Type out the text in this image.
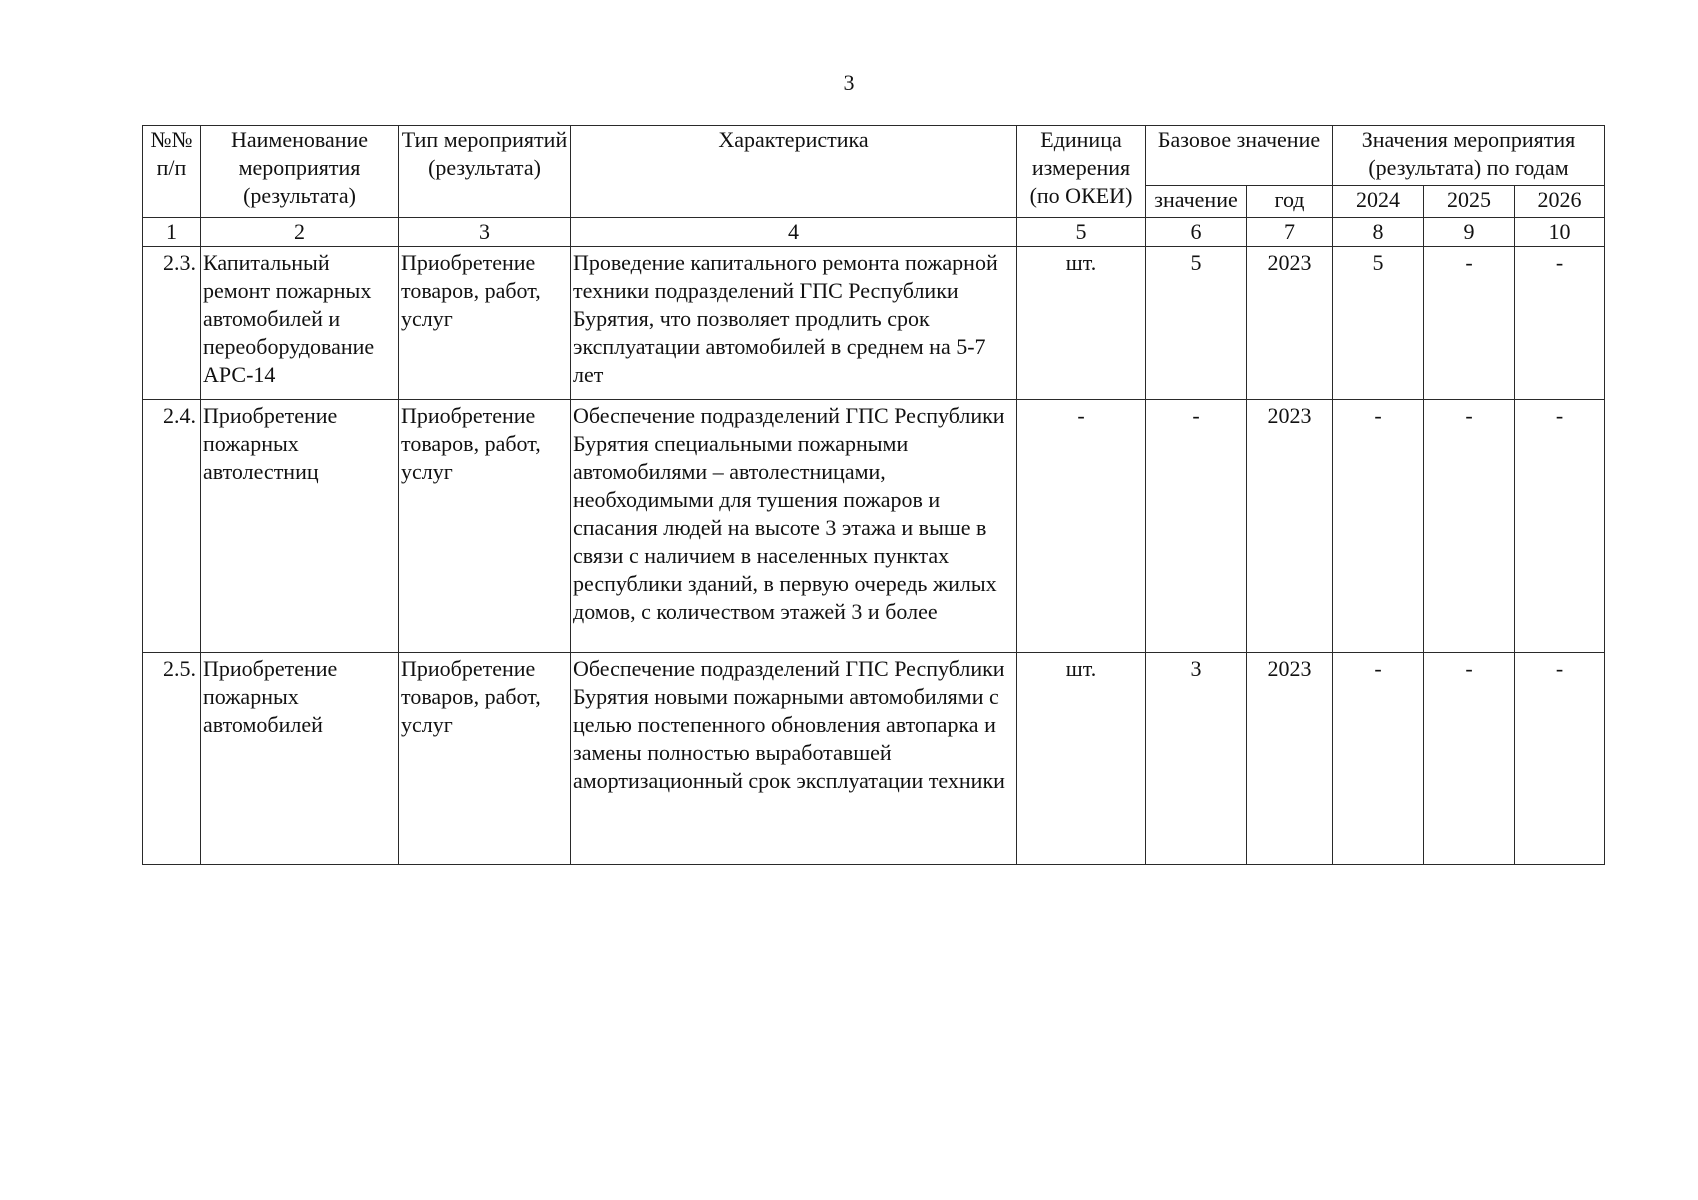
3
№№ п/п	Наименование мероприятия (результата)	Тип мероприятий (результата)	Характеристика	Единица измерения (по ОКЕИ)	Базовое значение		Значения мероприятия (результата) по годам		
					значение	год	2024	2025	2026
1	2	3	4	5	6	7	8	9	10
2.3.	Капитальный ремонт пожарных автомобилей и переоборудование АРС-14	Приобретение товаров, работ, услуг	Проведение капитального ремонта пожарной техники подразделений ГПС Республики Бурятия, что позволяет продлить срок эксплуатации автомобилей в среднем на 5-7 лет	шт.	5	2023	5	-	-
2.4.	Приобретение пожарных автолестниц	Приобретение товаров, работ, услуг	Обеспечение подразделений ГПС Республики Бурятия специальными пожарными автомобилями – автолестницами, необходимыми для тушения пожаров и спасания людей на высоте 3 этажа и выше в связи с наличием в населенных пунктах республики зданий, в первую очередь жилых домов, с количеством этажей 3 и более	-	-	2023	-	-	-
2.5.	Приобретение пожарных автомобилей	Приобретение товаров, работ, услуг	Обеспечение подразделений ГПС Республики Бурятия новыми пожарными автомобилями с целью постепенного обновления автопарка и замены полностью выработавшей амортизационный срок эксплуатации техники	шт.	3	2023	-	-	-
